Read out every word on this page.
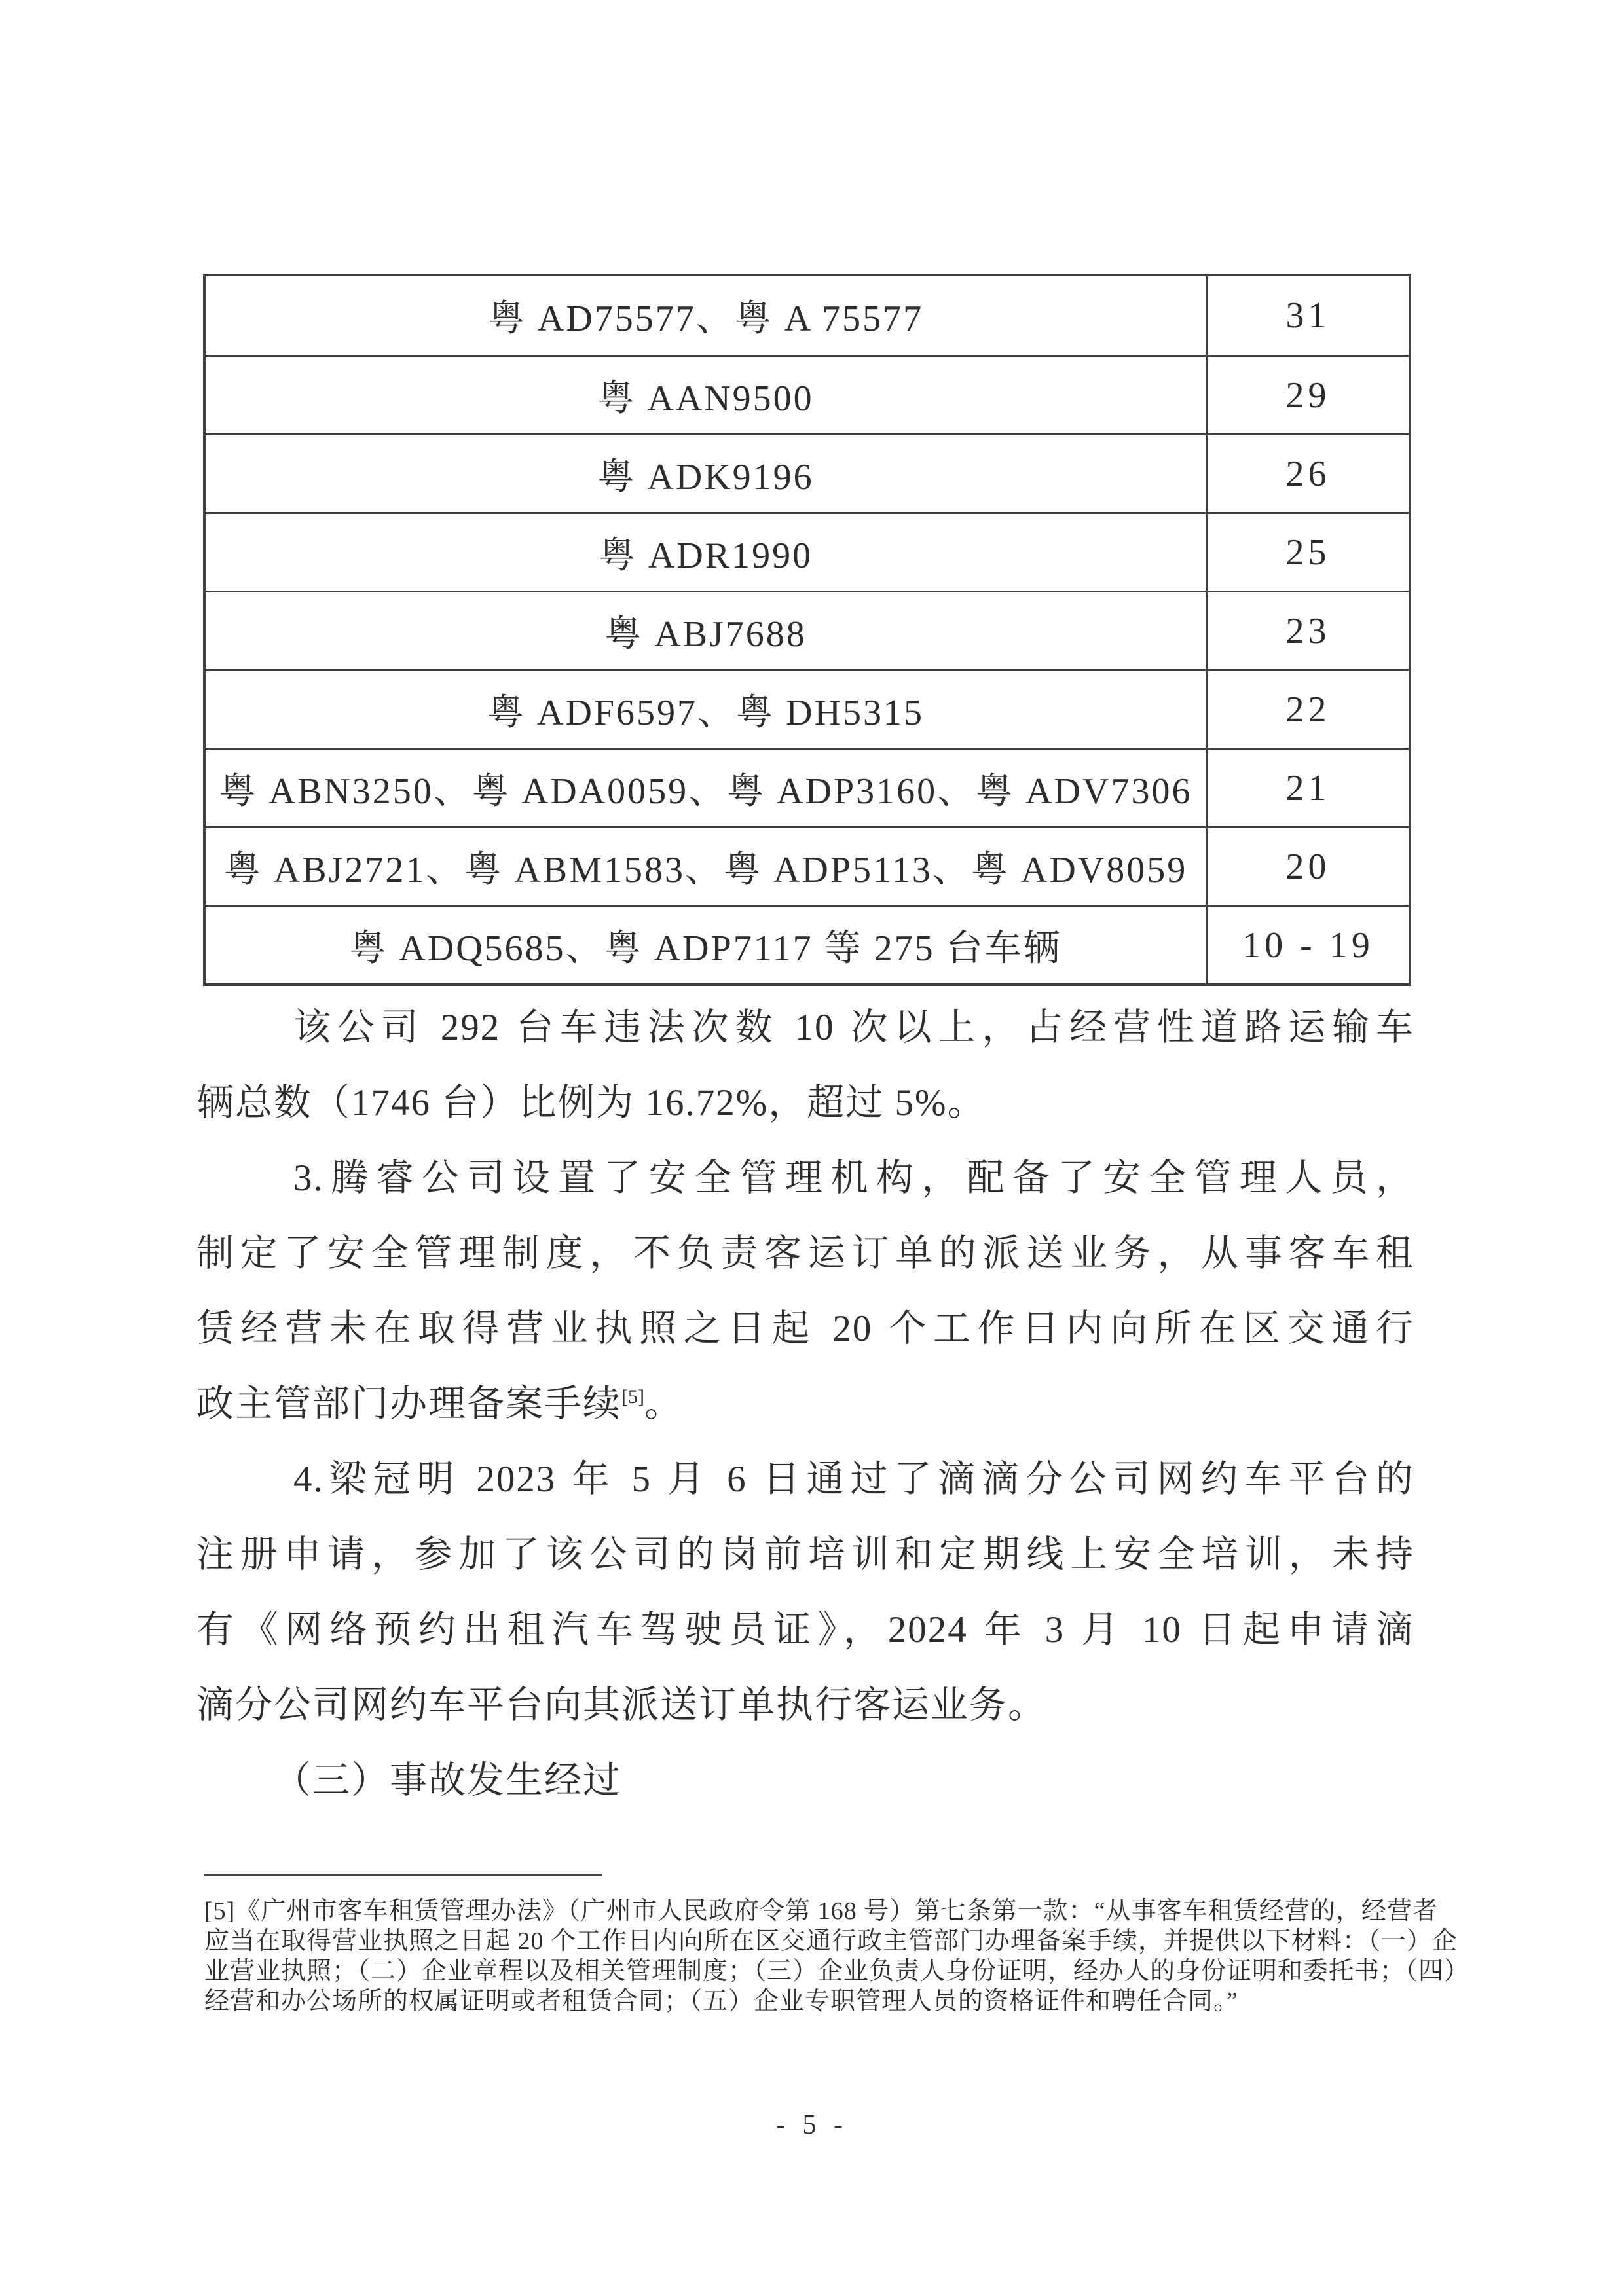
粤 AD75577、粤 A 75577	31
粤 AAN9500	29
粤 ADK9196	26
粤 ADR1990	25
粤 ABJ7688	23
粤 ADF6597、粤 DH5315	22
粤 ABN3250、粤 ADA0059、粤 ADP3160、粤 ADV7306	21
粤 ABJ2721、粤 ABM1583、粤 ADP5113、粤 ADV8059	20
粤 ADQ5685、粤 ADP7117 等 275 台车辆	10 - 19
该公司 292 台车违法次数 10 次以上，占经营性道路运输车
辆总数（1746 台）比例为 16.72%，超过 5%。
3.腾睿公司设置了安全管理机构，配备了安全管理人员，
制定了安全管理制度，不负责客运订单的派送业务，从事客车租
赁经营未在取得营业执照之日起 20 个工作日内向所在区交通行
政主管部门办理备案手续[5]。
4.梁冠明 2023 年 5 月 6 日通过了滴滴分公司网约车平台的
注册申请，参加了该公司的岗前培训和定期线上安全培训，未持
有《网络预约出租汽车驾驶员证》，2024 年 3 月 10 日起申请滴
滴分公司网约车平台向其派送订单执行客运业务。
（三）事故发生经过
[5]《广州市客车租赁管理办法》（广州市人民政府令第 168 号）第七条第一款：“从事客车租赁经营的，经营者
应当在取得营业执照之日起 20 个工作日内向所在区交通行政主管部门办理备案手续，并提供以下材料：（一）企
业营业执照；（二）企业章程以及相关管理制度；（三）企业负责人身份证明，经办人的身份证明和委托书；（四）
经营和办公场所的权属证明或者租赁合同；（五）企业专职管理人员的资格证件和聘任合同。”
- 5 -
